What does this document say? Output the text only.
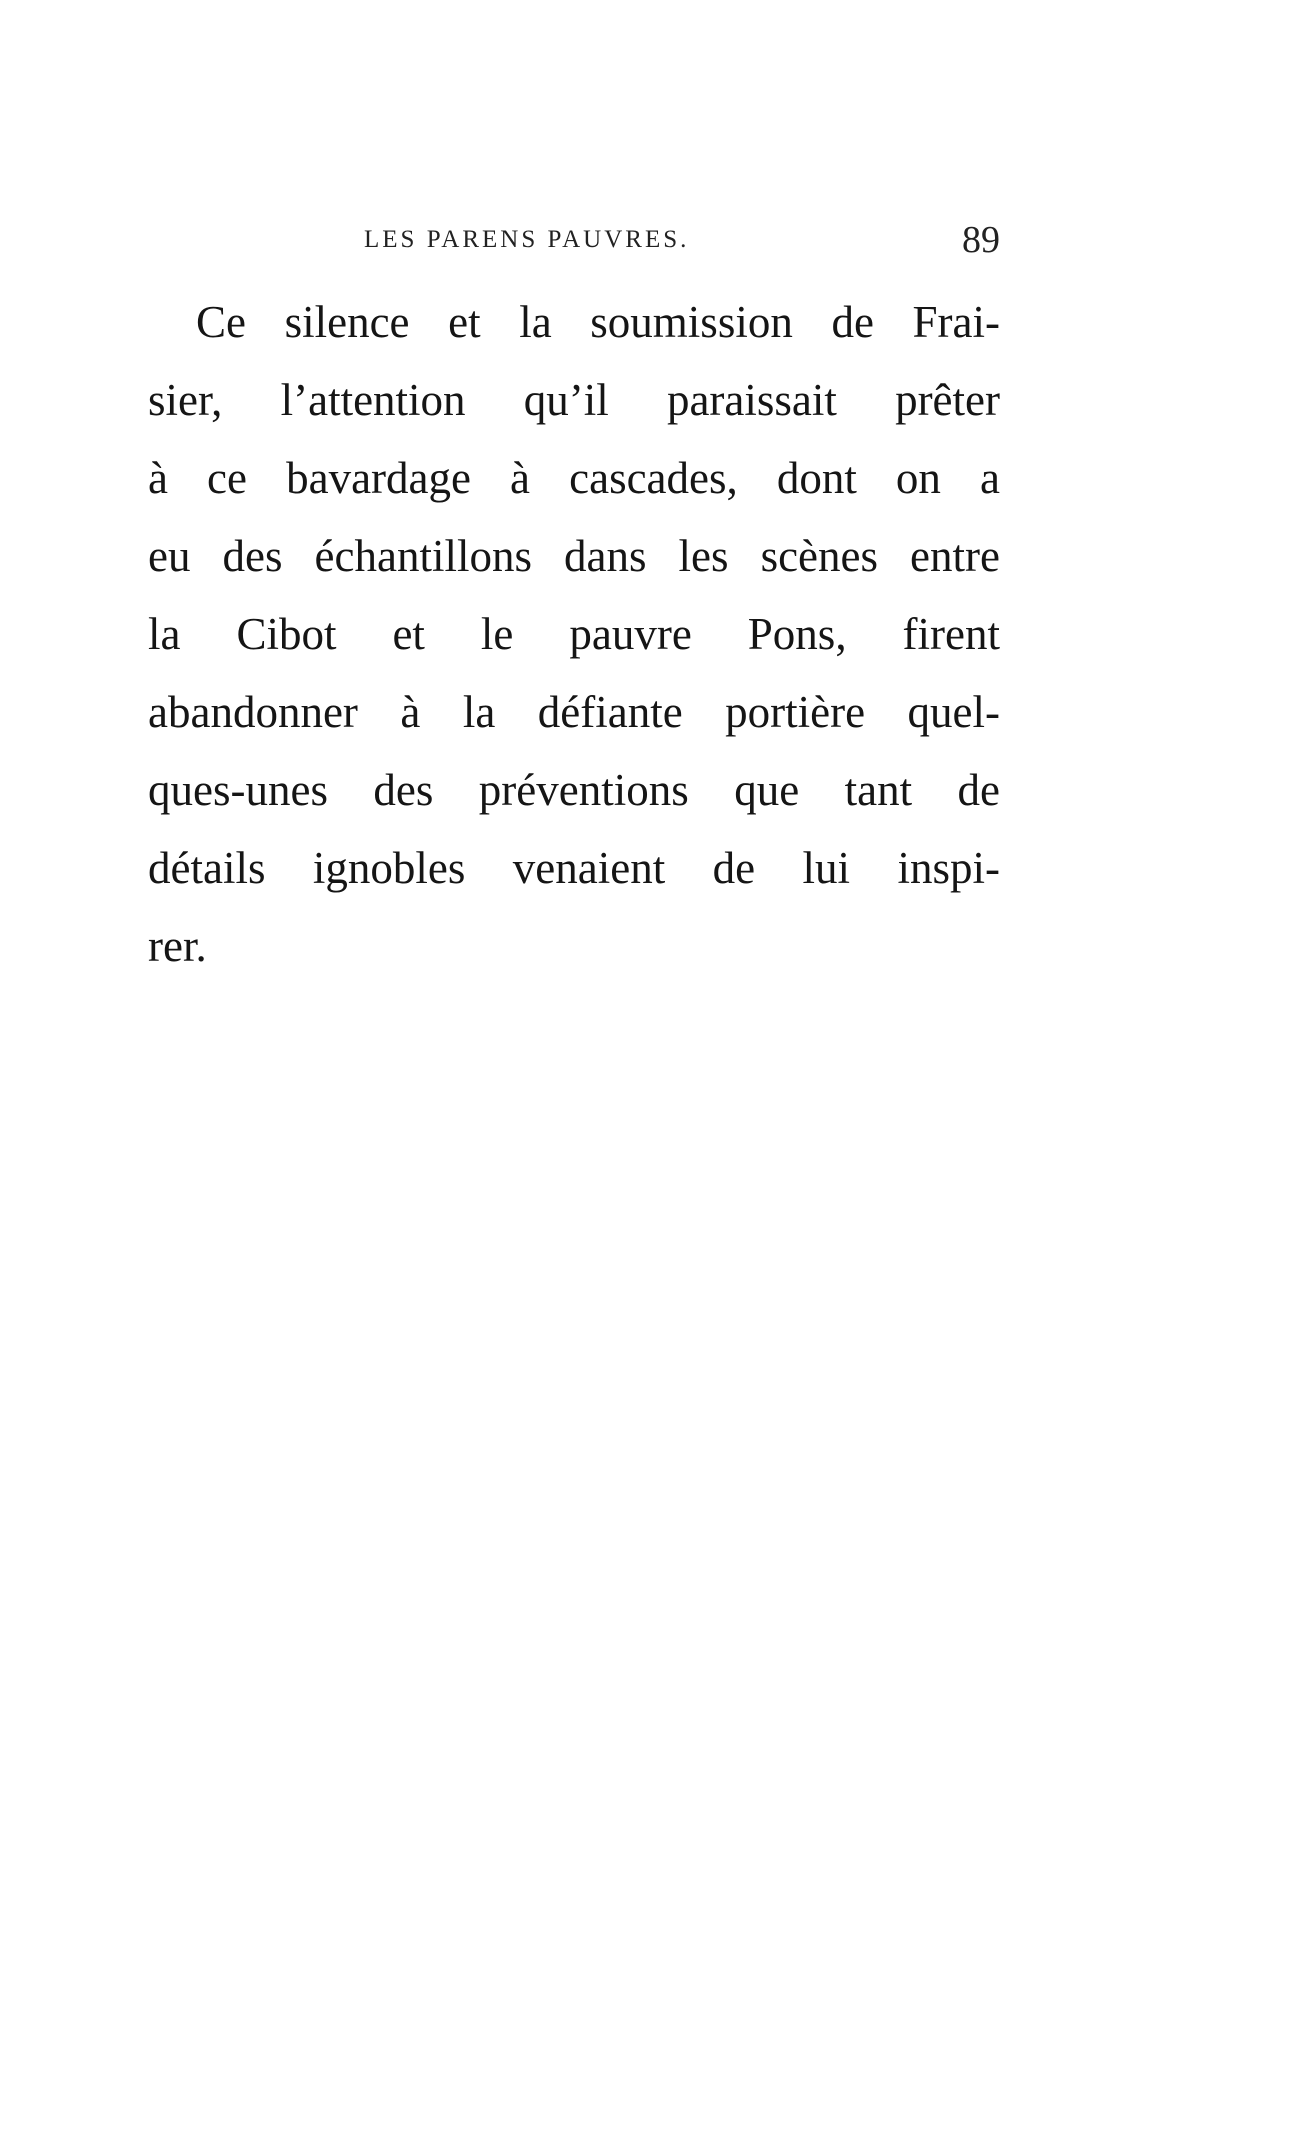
LES PARENS PAUVRES.	89
Ce silence et la soumission de Frai-
sier, l’attention qu’il paraissait prêter
à ce bavardage à cascades, dont on a
eu des échantillons dans les scènes entre
la Cibot et le pauvre Pons, firent
abandonner à la défiante portière quel-
ques-unes des préventions que tant de
détails ignobles venaient de lui inspi-
rer.
